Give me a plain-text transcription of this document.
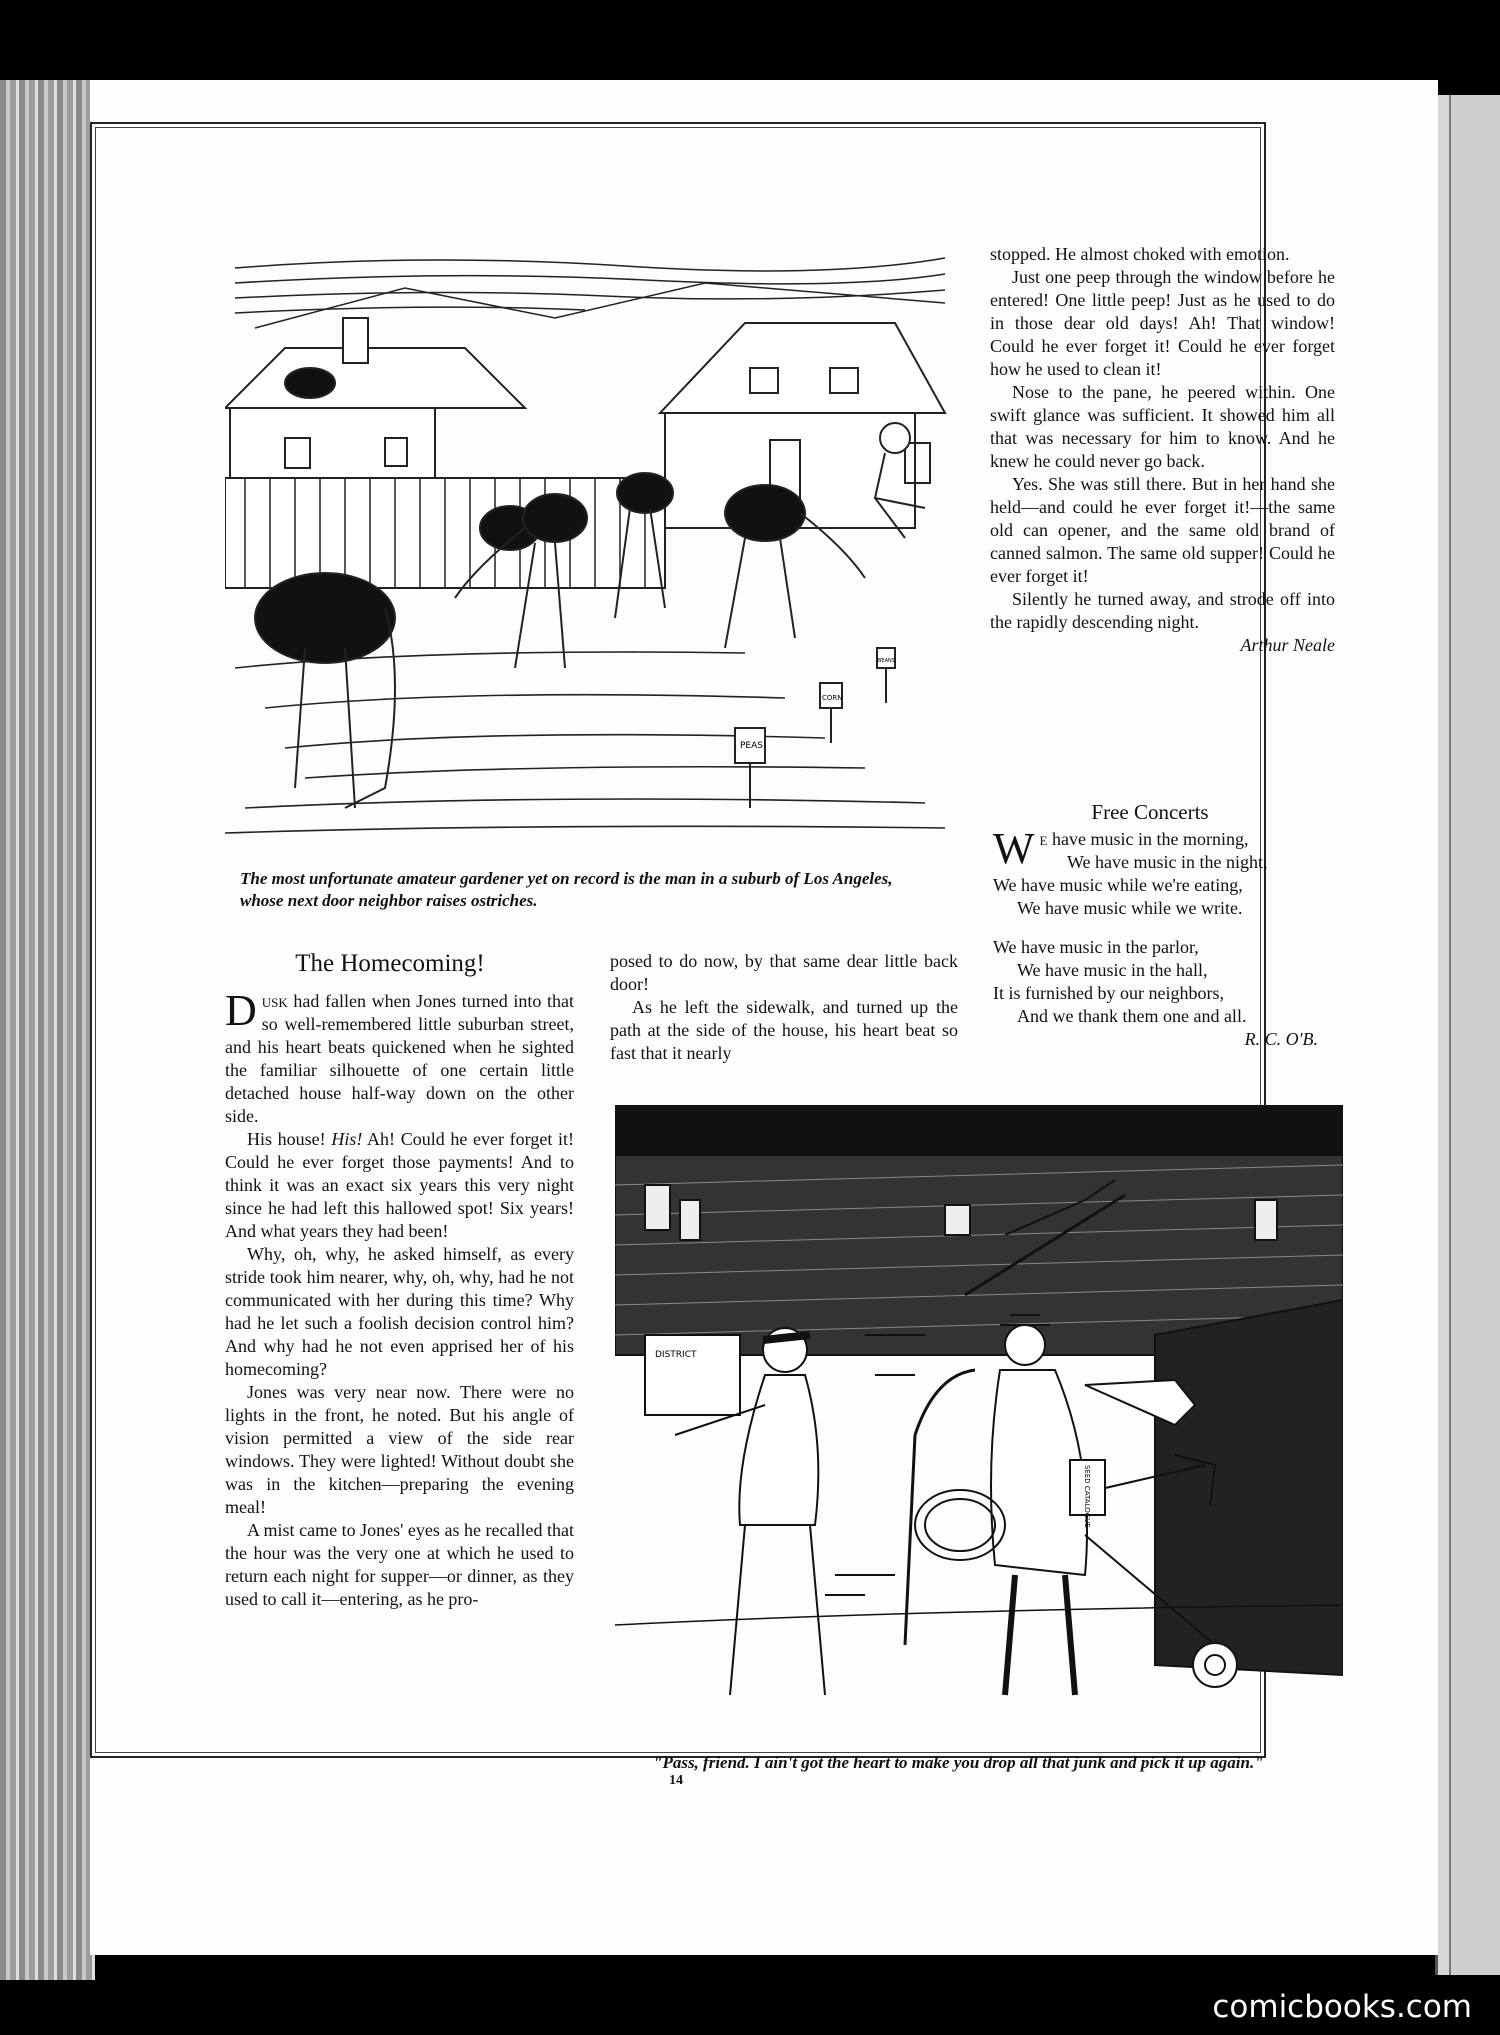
PEAS
CORN
BEANS
The most unfortunate amateur gardener yet on record is the man in a suburb of Los Angeles, whose next door neighbor raises ostriches.
The Homecoming!

Dusk had fallen when Jones turned into that so well-remembered little suburban street, and his heart beats quickened when he sighted the familiar silhouette of one certain little detached house half-way down on the other side.

His house! His! Ah! Could he ever forget it! Could he ever forget those payments! And to think it was an exact six years this very night since he had left this hallowed spot! Six years! And what years they had been!

Why, oh, why, he asked himself, as every stride took him nearer, why, oh, why, had he not communicated with her during this time? Why had he let such a foolish decision control him? And why had he not even apprised her of his homecoming?

Jones was very near now. There were no lights in the front, he noted. But his angle of vision permitted a view of the side rear windows. They were lighted! Without doubt she was in the kitchen—preparing the evening meal!

A mist came to Jones' eyes as he recalled that the hour was the very one at which he used to return each night for supper—or dinner, as they used to call it—entering, as he pro-

posed to do now, by that same dear little back door!

As he left the sidewalk, and turned up the path at the side of the house, his heart beat so fast that it nearly

stopped. He almost choked with emotion.

Just one peep through the window before he entered! One little peep! Just as he used to do in those dear old days! Ah! That window! Could he ever forget it! Could he ever forget how he used to clean it!

Nose to the pane, he peered within. One swift glance was sufficient. It showed him all that was necessary for him to know. And he knew he could never go back.

Yes. She was still there. But in her hand she held—and could he ever forget it!—the same old can opener, and the same old brand of canned salmon. The same old supper! Could he ever forget it!

Silently he turned away, and strode off into the rapidly descending night.

Arthur Neale
Free Concerts
We have music in the morning,
We have music in the night,
We have music while we're eating,
We have music while we write.
We have music in the parlor,
We have music in the hall,
It is furnished by our neighbors,
And we thank them one and all.
R. C. O'B.
DISTRICT
SEED CATALOGUE
"Pass, friend. I ain't got the heart to make you drop all that junk and pick it up again."
14
comicbooks.com
